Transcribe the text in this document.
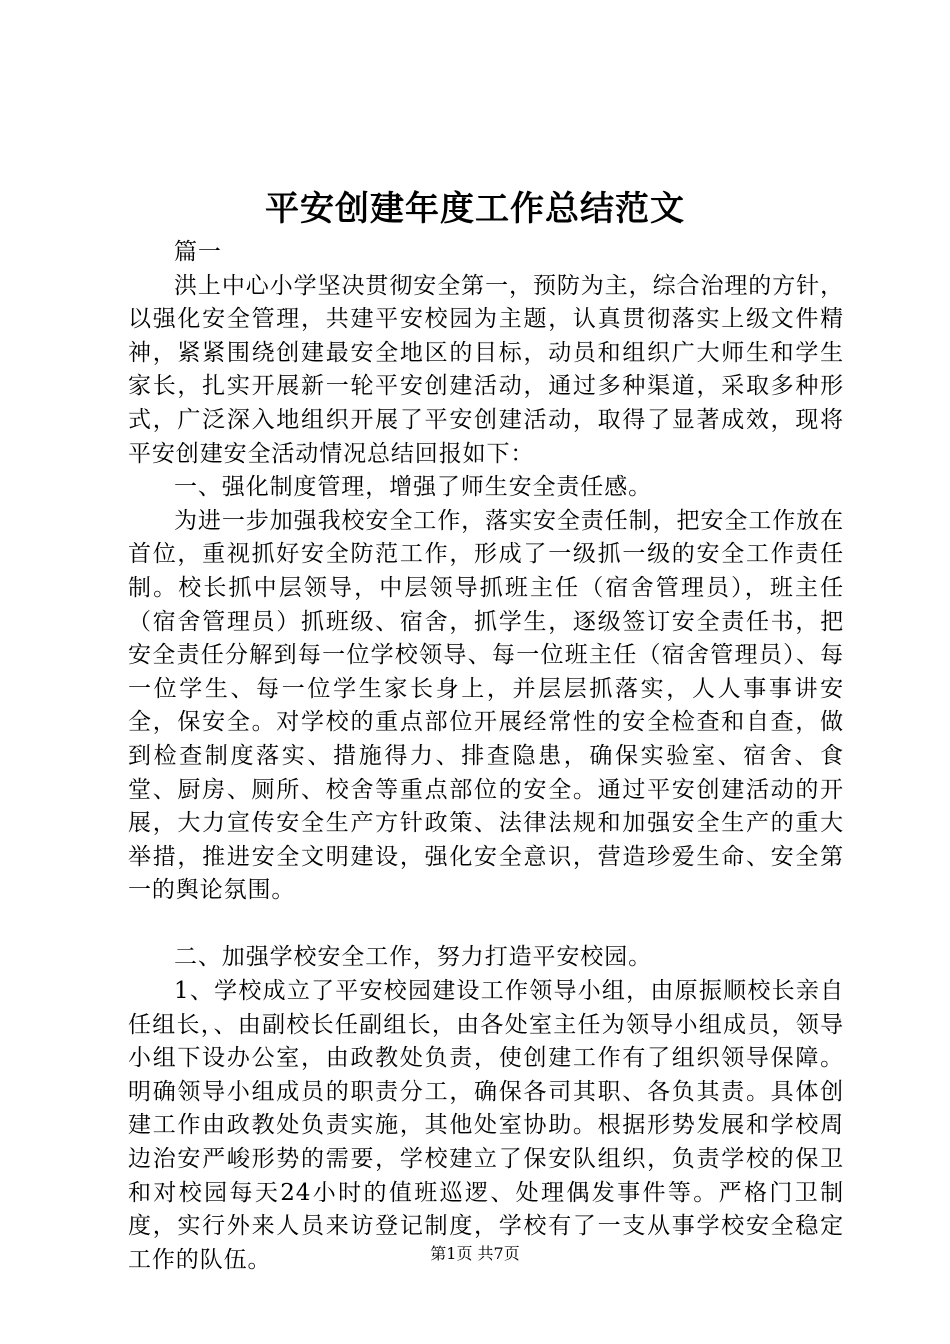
平安创建年度工作总结范文

篇一

洪上中心小学坚决贯彻安全第一，预防为主，综合治理的方针，以强化安全管理，共建平安校园为主题，认真贯彻落实上级文件精神，紧紧围绕创建最安全地区的目标，动员和组织广大师生和学生家长，扎实开展新一轮平安创建活动，通过多种渠道，采取多种形式，广泛深入地组织开展了平安创建活动，取得了显著成效，现将平安创建安全活动情况总结回报如下：

一、强化制度管理，增强了师生安全责任感。

为进一步加强我校安全工作，落实安全责任制，把安全工作放在首位，重视抓好安全防范工作，形成了一级抓一级的安全工作责任制。校长抓中层领导，中层领导抓班主任（宿舍管理员），班主任（宿舍管理员）抓班级、宿舍，抓学生，逐级签订安全责任书，把安全责任分解到每一位学校领导、每一位班主任（宿舍管理员）、每一位学生、每一位学生家长身上，并层层抓落实，人人事事讲安全，保安全。对学校的重点部位开展经常性的安全检查和自查，做到检查制度落实、措施得力、排查隐患，确保实验室、宿舍、食堂、厨房、厕所、校舍等重点部位的安全。通过平安创建活动的开展，大力宣传安全生产方针政策、法律法规和加强安全生产的重大举措，推进安全文明建设，强化安全意识，营造珍爱生命、安全第一的舆论氛围。

二、加强学校安全工作，努力打造平安校园。

1、学校成立了平安校园建设工作领导小组，由原振顺校长亲自任组长，、由副校长任副组长，由各处室主任为领导小组成员，领导小组下设办公室，由政教处负责，使创建工作有了组织领导保障。明确领导小组成员的职责分工，确保各司其职、各负其责。具体创建工作由政教处负责实施，其他处室协助。根据形势发展和学校周边治安严峻形势的需要，学校建立了保安队组织，负责学校的保卫和对校园每天24小时的值班巡逻、处理偶发事件等。严格门卫制度，实行外来人员来访登记制度，学校有了一支从事学校安全稳定工作的队伍。	第1页 共7页
